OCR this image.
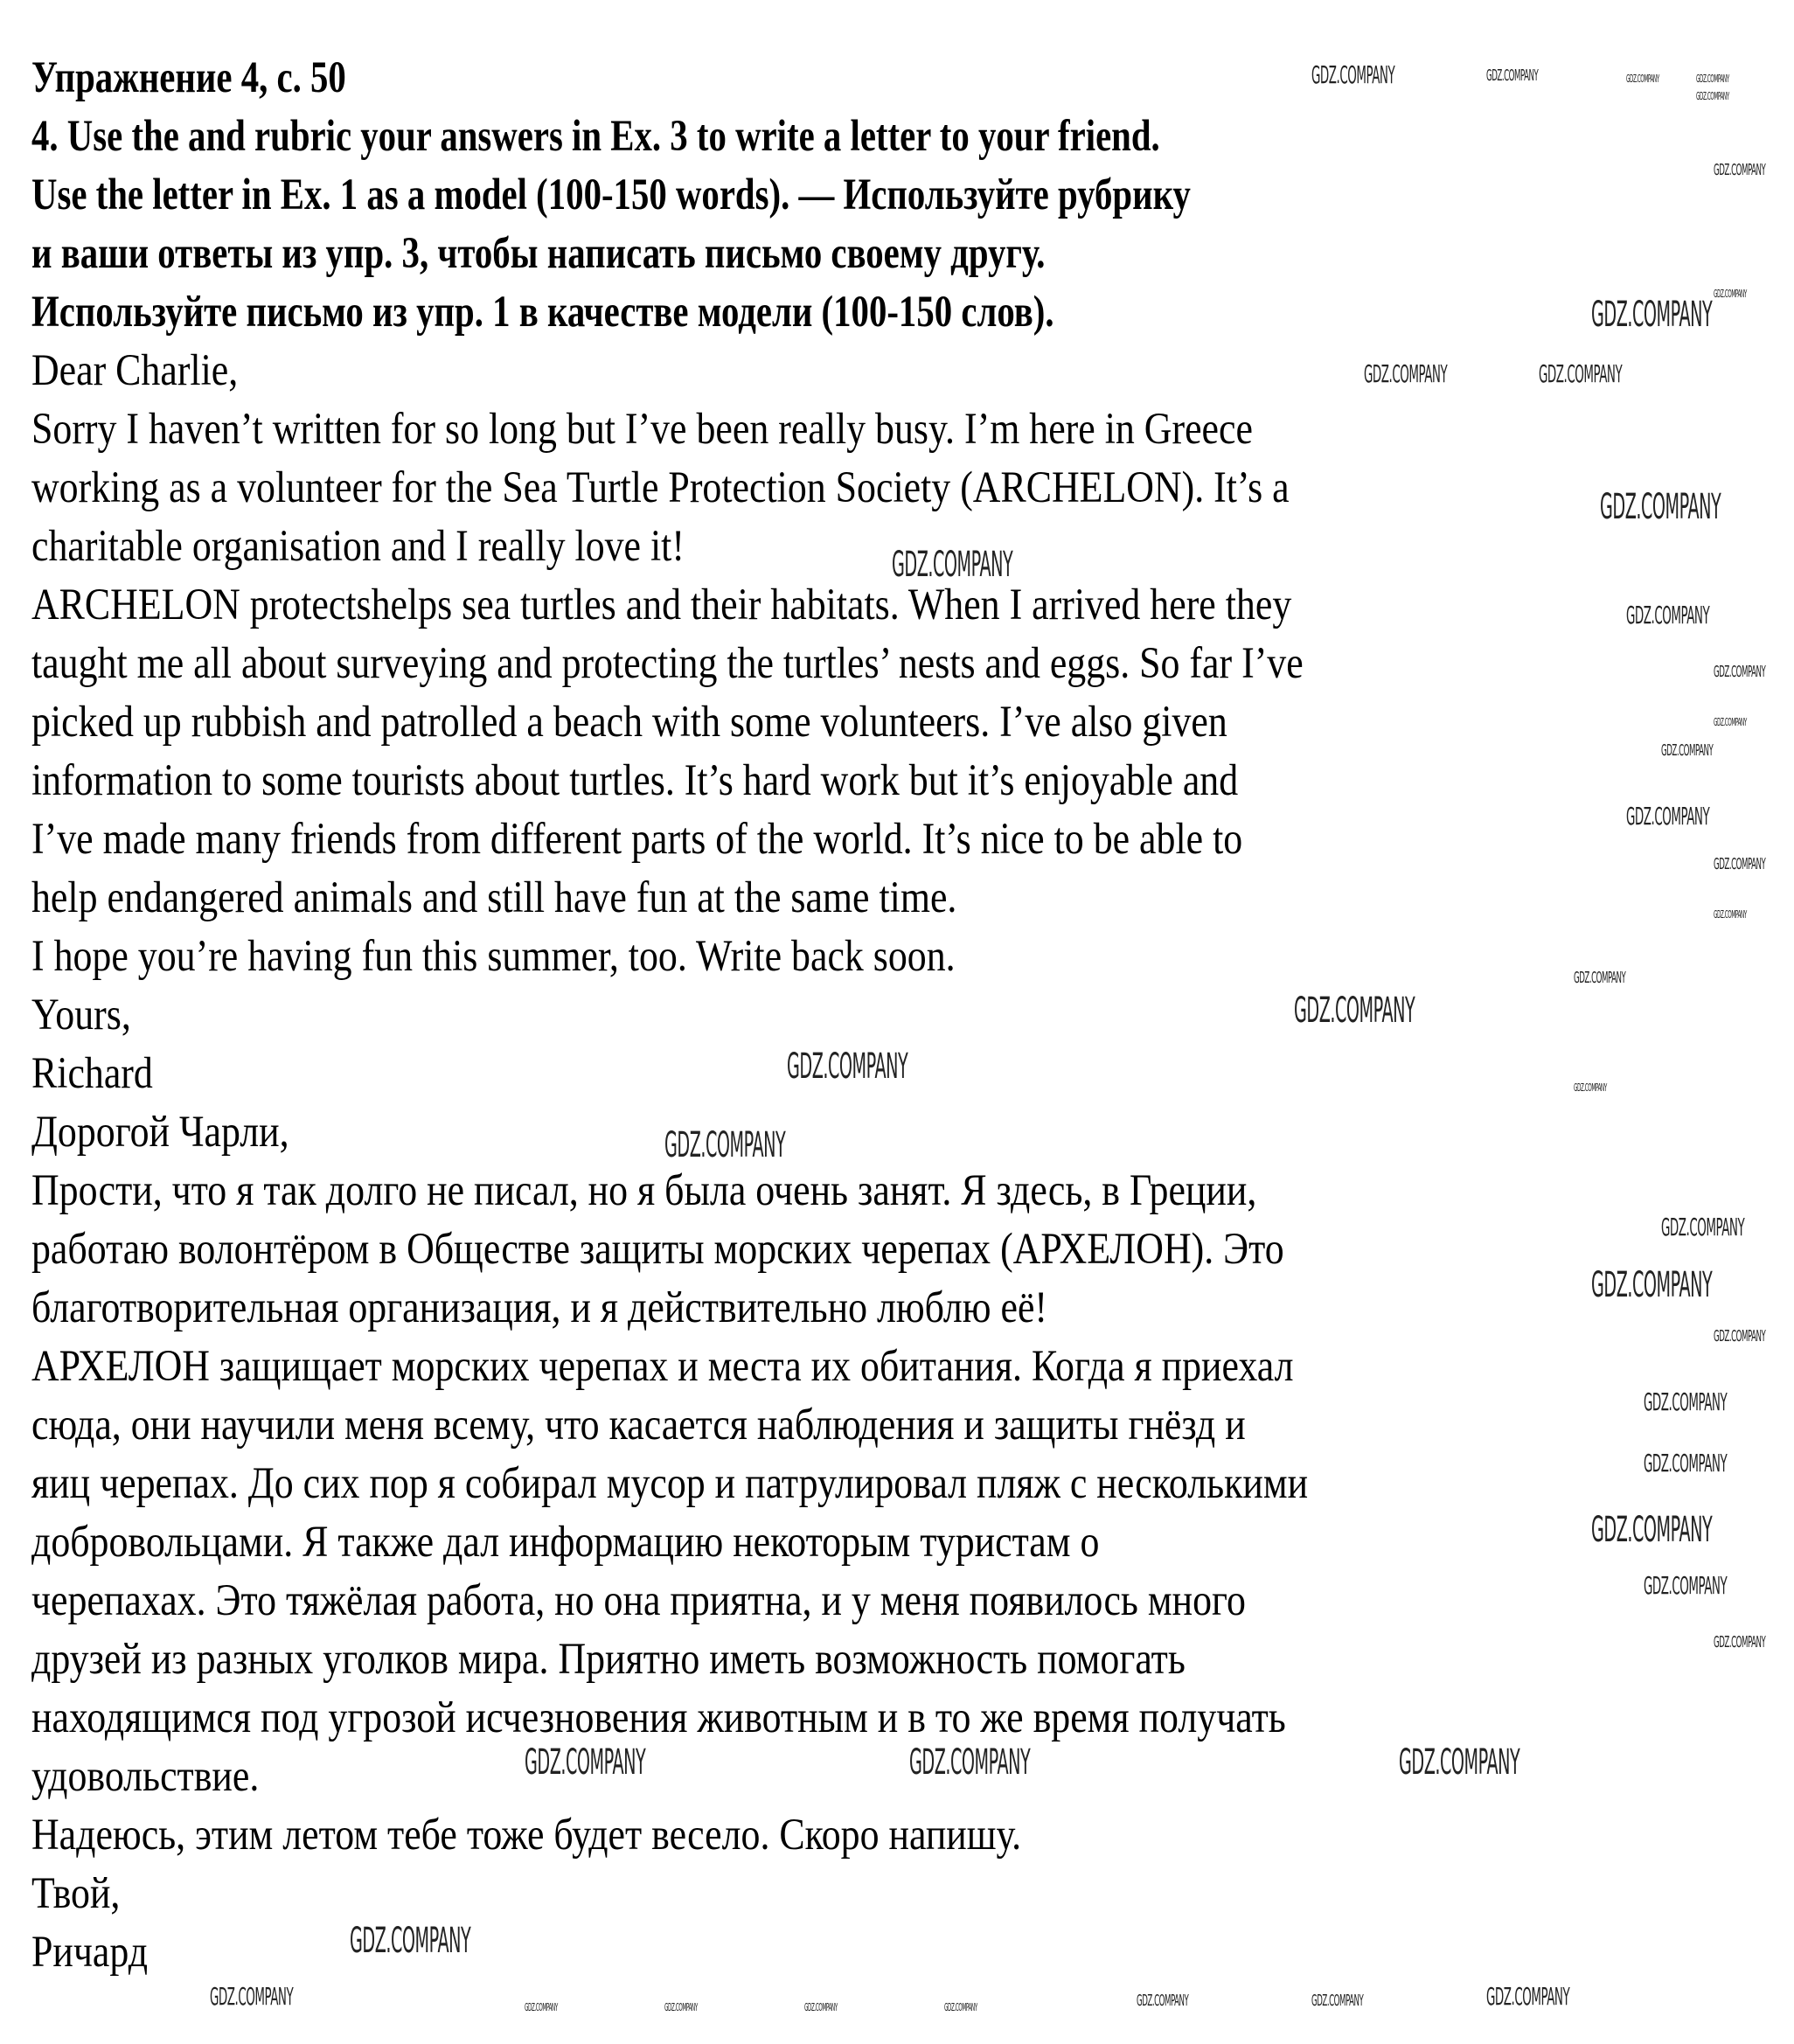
Упражнение 4, с. 50
4. Use the and rubric your answers in Ex. 3 to write a letter to your friend.
Use the letter in Ex. 1 as a model (100-150 words). — Используйте рубрику
и ваши ответы из упр. 3, чтобы написать письмо своему другу.
Используйте письмо из упр. 1 в качестве модели (100-150 слов).
Dear Charlie,
Sorry I haven’t written for so long but I’ve been really busy. I’m here in Greece
working as a volunteer for the Sea Turtle Protection Society (ARCHELON). It’s a
charitable organisation and I really love it!
ARCHELON protectshelps sea turtles and their habitats. When I arrived here they
taught me all about surveying and protecting the turtles’ nests and eggs. So far I’ve
picked up rubbish and patrolled a beach with some volunteers. I’ve also given
information to some tourists about turtles. It’s hard work but it’s enjoyable and
I’ve made many friends from different parts of the world. It’s nice to be able to
help endangered animals and still have fun at the same time.
I hope you’re having fun this summer, too. Write back soon.
Yours,
Richard
Дорогой Чарли,
Прости, что я так долго не писал, но я была очень занят. Я здесь, в Греции,
работаю волонтёром в Обществе защиты морских черепах (АРХЕЛОН). Это
благотворительная организация, и я действительно люблю её!
АРХЕЛОН защищает морских черепах и места их обитания. Когда я приехал
сюда, они научили меня всему, что касается наблюдения и защиты гнёзд и
яиц черепах. До сих пор я собирал мусор и патрулировал пляж с несколькими
добровольцами. Я также дал информацию некоторым туристам о
черепахах. Это тяжёлая работа, но она приятна, и у меня появилось много
друзей из разных уголков мира. Приятно иметь возможность помогать
находящимся под угрозой исчезновения животным и в то же время получать
удовольствие.
Надеюсь, этим летом тебе тоже будет весело. Скоро напишу.
Твой,
Ричард
GDZ.COMPANY	GDZ.COMPANY	GDZ.COMPANY	GDZ.COMPANY
GDZ.COMPANY
GDZ.COMPANY
GDZ.COMPANY
GDZ.COMPANY
GDZ.COMPANY	GDZ.COMPANY
GDZ.COMPANY
GDZ.COMPANY
GDZ.COMPANY
GDZ.COMPANY
GDZ.COMPANY
GDZ.COMPANY
GDZ.COMPANY
GDZ.COMPANY
GDZ.COMPANY
GDZ.COMPANY
GDZ.COMPANY
GDZ.COMPANY
GDZ.COMPANY
GDZ.COMPANY
GDZ.COMPANY
GDZ.COMPANY
GDZ.COMPANY
GDZ.COMPANY
GDZ.COMPANY
GDZ.COMPANY
GDZ.COMPANY
GDZ.COMPANY
GDZ.COMPANY	GDZ.COMPANY	GDZ.COMPANY
GDZ.COMPANY
GDZ.COMPANY	GDZ.COMPANY	GDZ.COMPANY	GDZ.COMPANY	GDZ.COMPANY	GDZ.COMPANY	GDZ.COMPANY	GDZ.COMPANY
